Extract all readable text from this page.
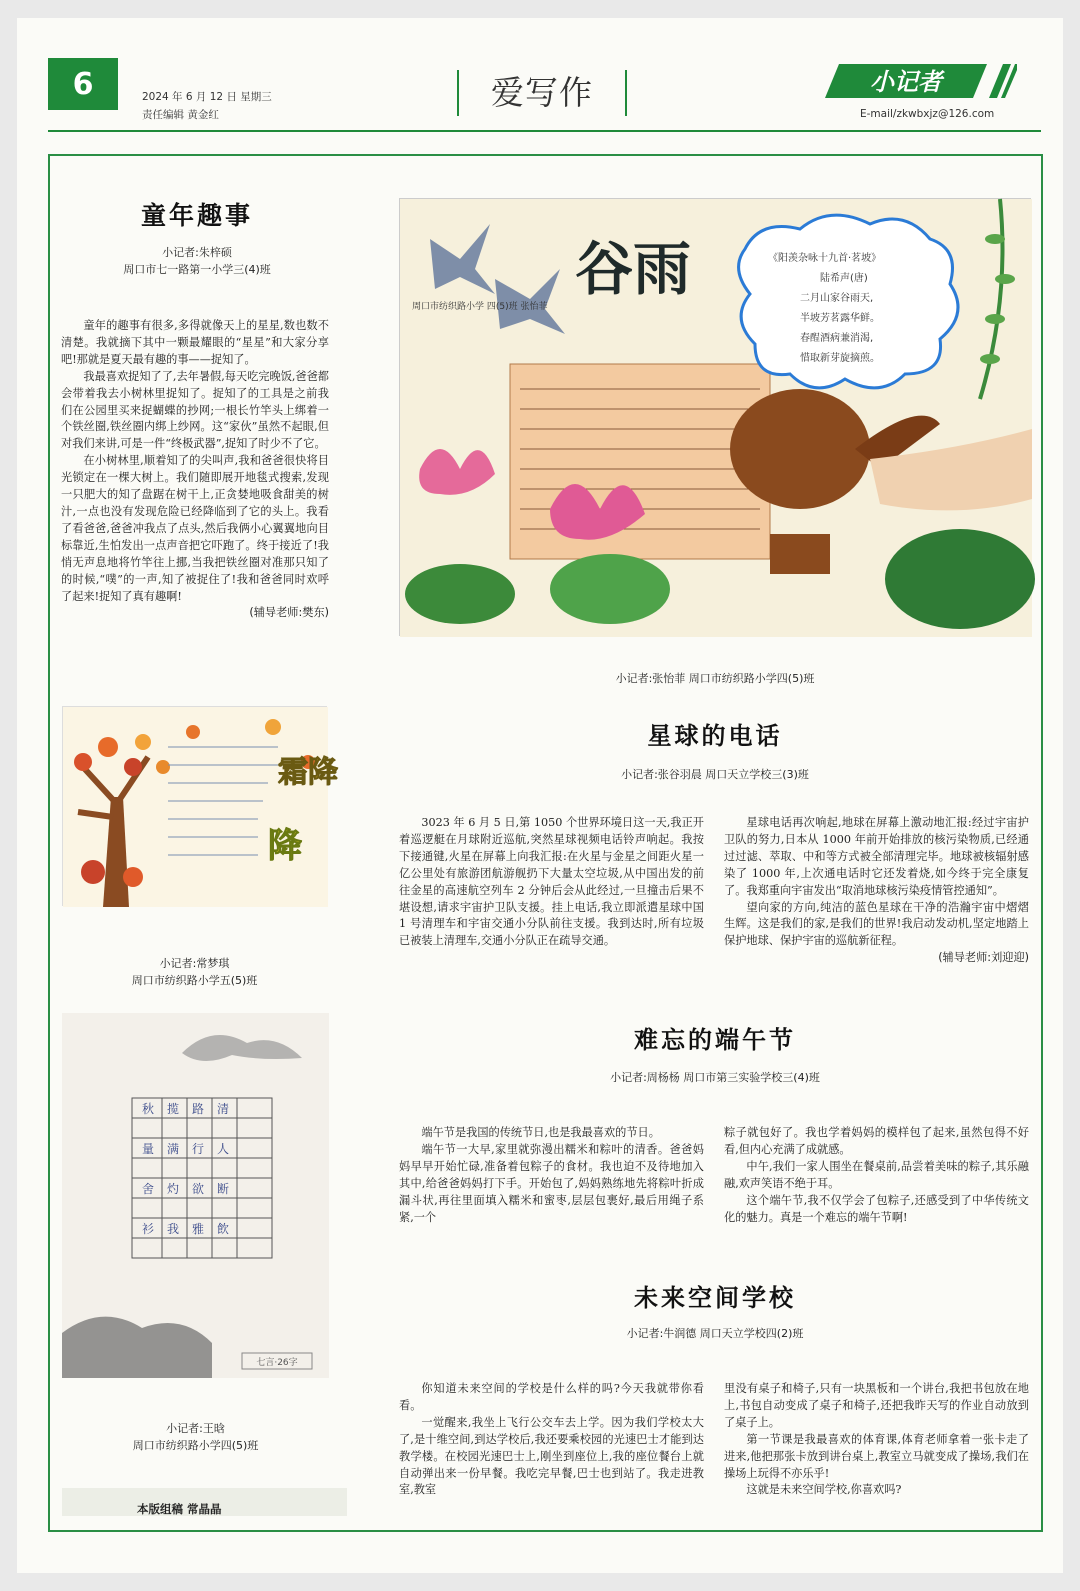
6	2024 年 6 月 12 日 星期三
责任编辑 黄金红
爱写作	小记者
E-mail/zkwbxjz@126.com
童年趣事
小记者:朱梓硕
周口市七一路第一小学三(4)班

童年的趣事有很多,多得就像天上的星星,数也数不清楚。我就摘下其中一颗最耀眼的“星星”和大家分享吧!那就是夏天最有趣的事——捉知了。

我最喜欢捉知了了,去年暑假,每天吃完晚饭,爸爸都会带着我去小树林里捉知了。捉知了的工具是之前我们在公园里买来捉蝴蝶的抄网;一根长竹竿头上绑着一个铁丝圈,铁丝圈内绑上纱网。这“家伙”虽然不起眼,但对我们来讲,可是一件“终极武器”,捉知了时少不了它。

在小树林里,顺着知了的尖叫声,我和爸爸很快将目光锁定在一棵大树上。我们随即展开地毯式搜索,发现一只肥大的知了盘踞在树干上,正贪婪地吸食甜美的树汁,一点也没有发现危险已经降临到了它的头上。我看了看爸爸,爸爸冲我点了点头,然后我俩小心翼翼地向目标靠近,生怕发出一点声音把它吓跑了。终于接近了!我悄无声息地将竹竿往上挪,当我把铁丝圈对准那只知了的时候,“噗”的一声,知了被捉住了!我和爸爸同时欢呼了起来!捉知了真有趣啊!

(辅导老师:樊东)
霜降
降
小记者:常梦琪
周口市纺织路小学五(5)班
秋 揽 路 清
量 满 行 人
舍 灼 欲 断
衫 我 雅 飲
七言·26字
小记者:王晗
周口市纺织路小学四(5)班
本版组稿 常晶晶
谷雨	《阳羡杂咏十九首·茗坡》
陆希声(唐)
二月山家谷雨天,
半坡芳茗露华鲜。
春酲酒病兼消渴,
惜取新芽旋摘煎。
周口市纺织路小学 四(5)班 张怡菲
小记者:张怡菲 周口市纺织路小学四(5)班
星球的电话
小记者:张谷羽晨 周口天立学校三(3)班

3023 年 6 月 5 日,第 1050 个世界环境日这一天,我正开着巡逻艇在月球附近巡航,突然星球视频电话铃声响起。我按下接通键,火星在屏幕上向我汇报:在火星与金星之间距火星一亿公里处有旅游团航游舰扔下大量太空垃圾,从中国出发的前往金星的高速航空列车 2 分钟后会从此经过,一旦撞击后果不堪设想,请求宇宙护卫队支援。挂上电话,我立即派遣星球中国 1 号清理车和宇宙交通小分队前往支援。我到达时,所有垃圾已被装上清理车,交通小分队正在疏导交通。

星球电话再次响起,地球在屏幕上激动地汇报:经过宇宙护卫队的努力,日本从 1000 年前开始排放的核污染物质,已经通过过滤、萃取、中和等方式被全部清理完毕。地球被核辐射感染了 1000 年,上次通电话时它还发着烧,如今终于完全康复了。我郑重向宇宙发出“取消地球核污染疫情管控通知”。

望向家的方向,纯洁的蓝色星球在干净的浩瀚宇宙中熠熠生辉。这是我们的家,是我们的世界!我启动发动机,坚定地踏上保护地球、保护宇宙的巡航新征程。

(辅导老师:刘迎迎)
难忘的端午节
小记者:周杨杨 周口市第三实验学校三(4)班

端午节是我国的传统节日,也是我最喜欢的节日。

端午节一大早,家里就弥漫出糯米和粽叶的清香。爸爸妈妈早早开始忙碌,准备着包粽子的食材。我也迫不及待地加入其中,给爸爸妈妈打下手。开始包了,妈妈熟练地先将粽叶折成漏斗状,再往里面填入糯米和蜜枣,层层包裹好,最后用绳子系紧,一个

粽子就包好了。我也学着妈妈的模样包了起来,虽然包得不好看,但内心充满了成就感。

中午,我们一家人围坐在餐桌前,品尝着美味的粽子,其乐融融,欢声笑语不绝于耳。

这个端午节,我不仅学会了包粽子,还感受到了中华传统文化的魅力。真是一个难忘的端午节啊!

未来空间学校
小记者:牛润德 周口天立学校四(2)班

你知道未来空间的学校是什么样的吗?今天我就带你看看。

一觉醒来,我坐上飞行公交车去上学。因为我们学校太大了,是十维空间,到达学校后,我还要乘校园的光速巴士才能到达教学楼。在校园光速巴士上,刚坐到座位上,我的座位餐台上就自动弹出来一份早餐。我吃完早餐,巴士也到站了。我走进教室,教室

里没有桌子和椅子,只有一块黑板和一个讲台,我把书包放在地上,书包自动变成了桌子和椅子,还把我昨天写的作业自动放到了桌子上。

第一节课是我最喜欢的体育课,体育老师拿着一张卡走了进来,他把那张卡放到讲台桌上,教室立马就变成了操场,我们在操场上玩得不亦乐乎!

这就是未来空间学校,你喜欢吗?
